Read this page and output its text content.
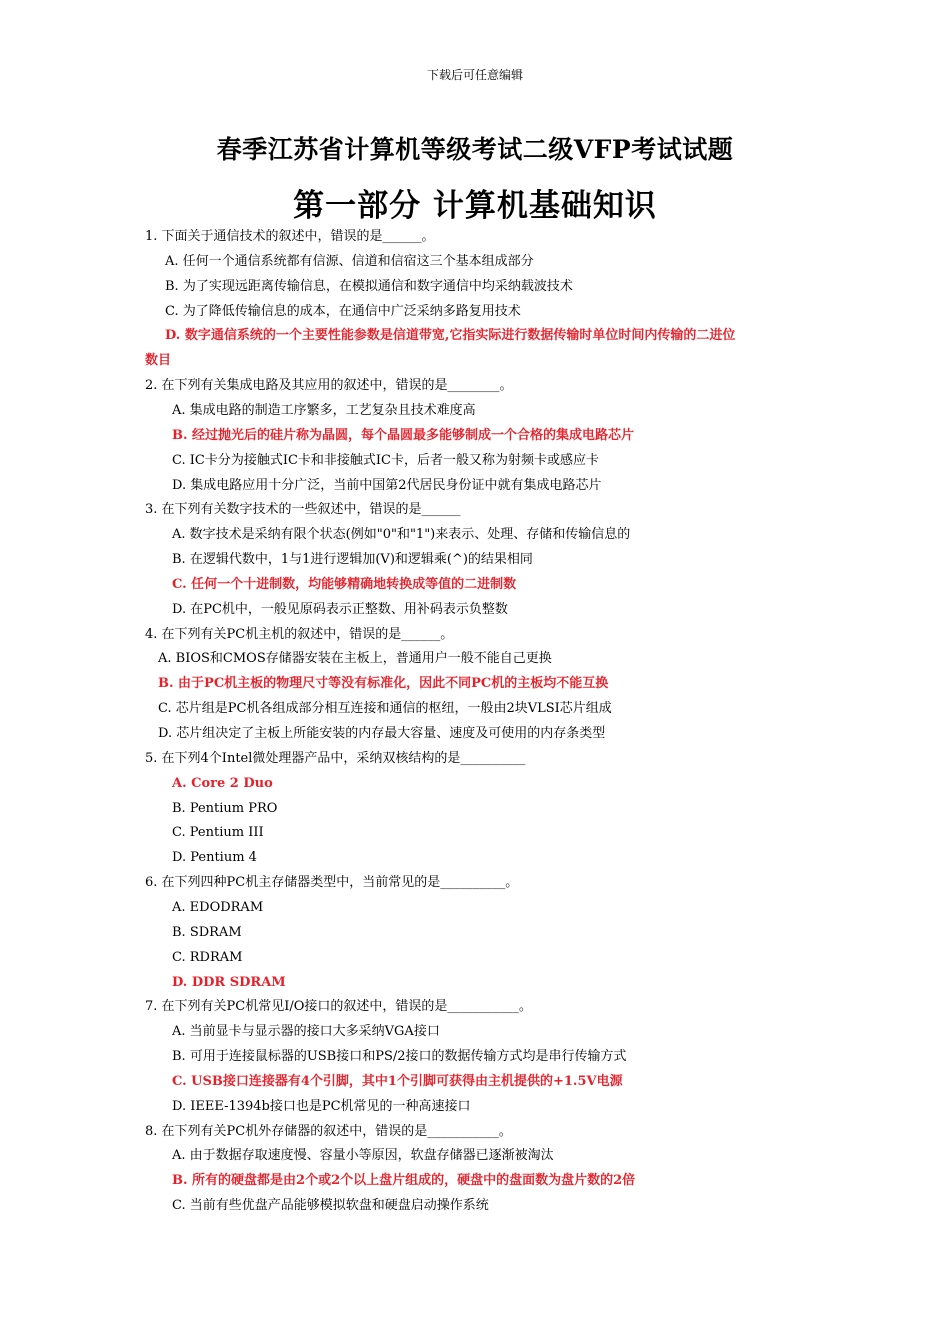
下载后可任意编辑
春季江苏省计算机等级考试二级VFP考试试题
第一部分 计算机基础知识
1. 下面关于通信技术的叙述中，错误的是______。
A. 任何一个通信系统都有信源、信道和信宿这三个基本组成部分
B. 为了实现远距离传输信息，在模拟通信和数字通信中均采纳载波技术
C. 为了降低传输信息的成本，在通信中广泛采纳多路复用技术
D. 数字通信系统的一个主要性能参数是信道带宽,它指实际进行数据传输时单位时间内传输的二进位
数目
2. 在下列有关集成电路及其应用的叙述中，错误的是________。
A. 集成电路的制造工序繁多，工艺复杂且技术难度高
B. 经过抛光后的硅片称为晶圆，每个晶圆最多能够制成一个合格的集成电路芯片
C. IC卡分为接触式IC卡和非接触式IC卡，后者一般又称为射频卡或感应卡
D. 集成电路应用十分广泛，当前中国第2代居民身份证中就有集成电路芯片
3. 在下列有关数字技术的一些叙述中，错误的是______
A. 数字技术是采纳有限个状态(例如"0"和"1")来表示、处理、存储和传输信息的
B. 在逻辑代数中，1与1进行逻辑加(V)和逻辑乘(^)的结果相同
C. 任何一个十进制数，均能够精确地转换成等值的二进制数
D. 在PC机中，一般见原码表示正整数、用补码表示负整数
4. 在下列有关PC机主机的叙述中，错误的是______。
A. BIOS和CMOS存储器安装在主板上，普通用户一般不能自己更换
B. 由于PC机主板的物理尺寸等没有标准化，因此不同PC机的主板均不能互换
C. 芯片组是PC机各组成部分相互连接和通信的枢纽，一般由2块VLSI芯片组成
D. 芯片组决定了主板上所能安装的内存最大容量、速度及可使用的内存条类型
5. 在下列4个Intel微处理器产品中，采纳双核结构的是__________
A. Core 2 Duo
B. Pentium PRO
C. Pentium III
D. Pentium 4
6. 在下列四种PC机主存储器类型中，当前常见的是__________。
A. EDODRAM
B. SDRAM
C. RDRAM
D. DDR SDRAM
7. 在下列有关PC机常见I/O接口的叙述中，错误的是___________。
A. 当前显卡与显示器的接口大多采纳VGA接口
B. 可用于连接鼠标器的USB接口和PS/2接口的数据传输方式均是串行传输方式
C. USB接口连接器有4个引脚，其中1个引脚可获得由主机提供的+1.5V电源
D. IEEE-1394b接口也是PC机常见的一种高速接口
8. 在下列有关PC机外存储器的叙述中，错误的是___________。
A. 由于数据存取速度慢、容量小等原因，软盘存储器已逐渐被淘汰
B. 所有的硬盘都是由2个或2个以上盘片组成的，硬盘中的盘面数为盘片数的2倍
C. 当前有些优盘产品能够模拟软盘和硬盘启动操作系统
